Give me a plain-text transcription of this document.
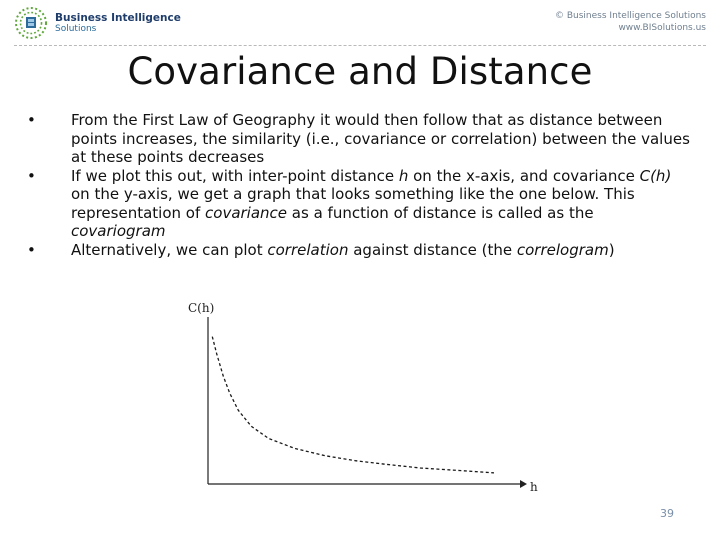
Business Intelligence
Solutions
© Business Intelligence Solutions
www.BISolutions.us
Covariance and Distance
• From the First Law of Geography it would then follow that as distance between points increases, the similarity (i.e., covariance or correlation) between the values at these points decreases
• If we plot this out, with inter-point distance h on the x-axis, and covariance C(h) on the y-axis, we get a graph that looks something like the one below. This representation of covariance as a function of distance is called as the covariogram
• Alternatively, we can plot correlation against distance (the correlogram)
C(h)
h
39
